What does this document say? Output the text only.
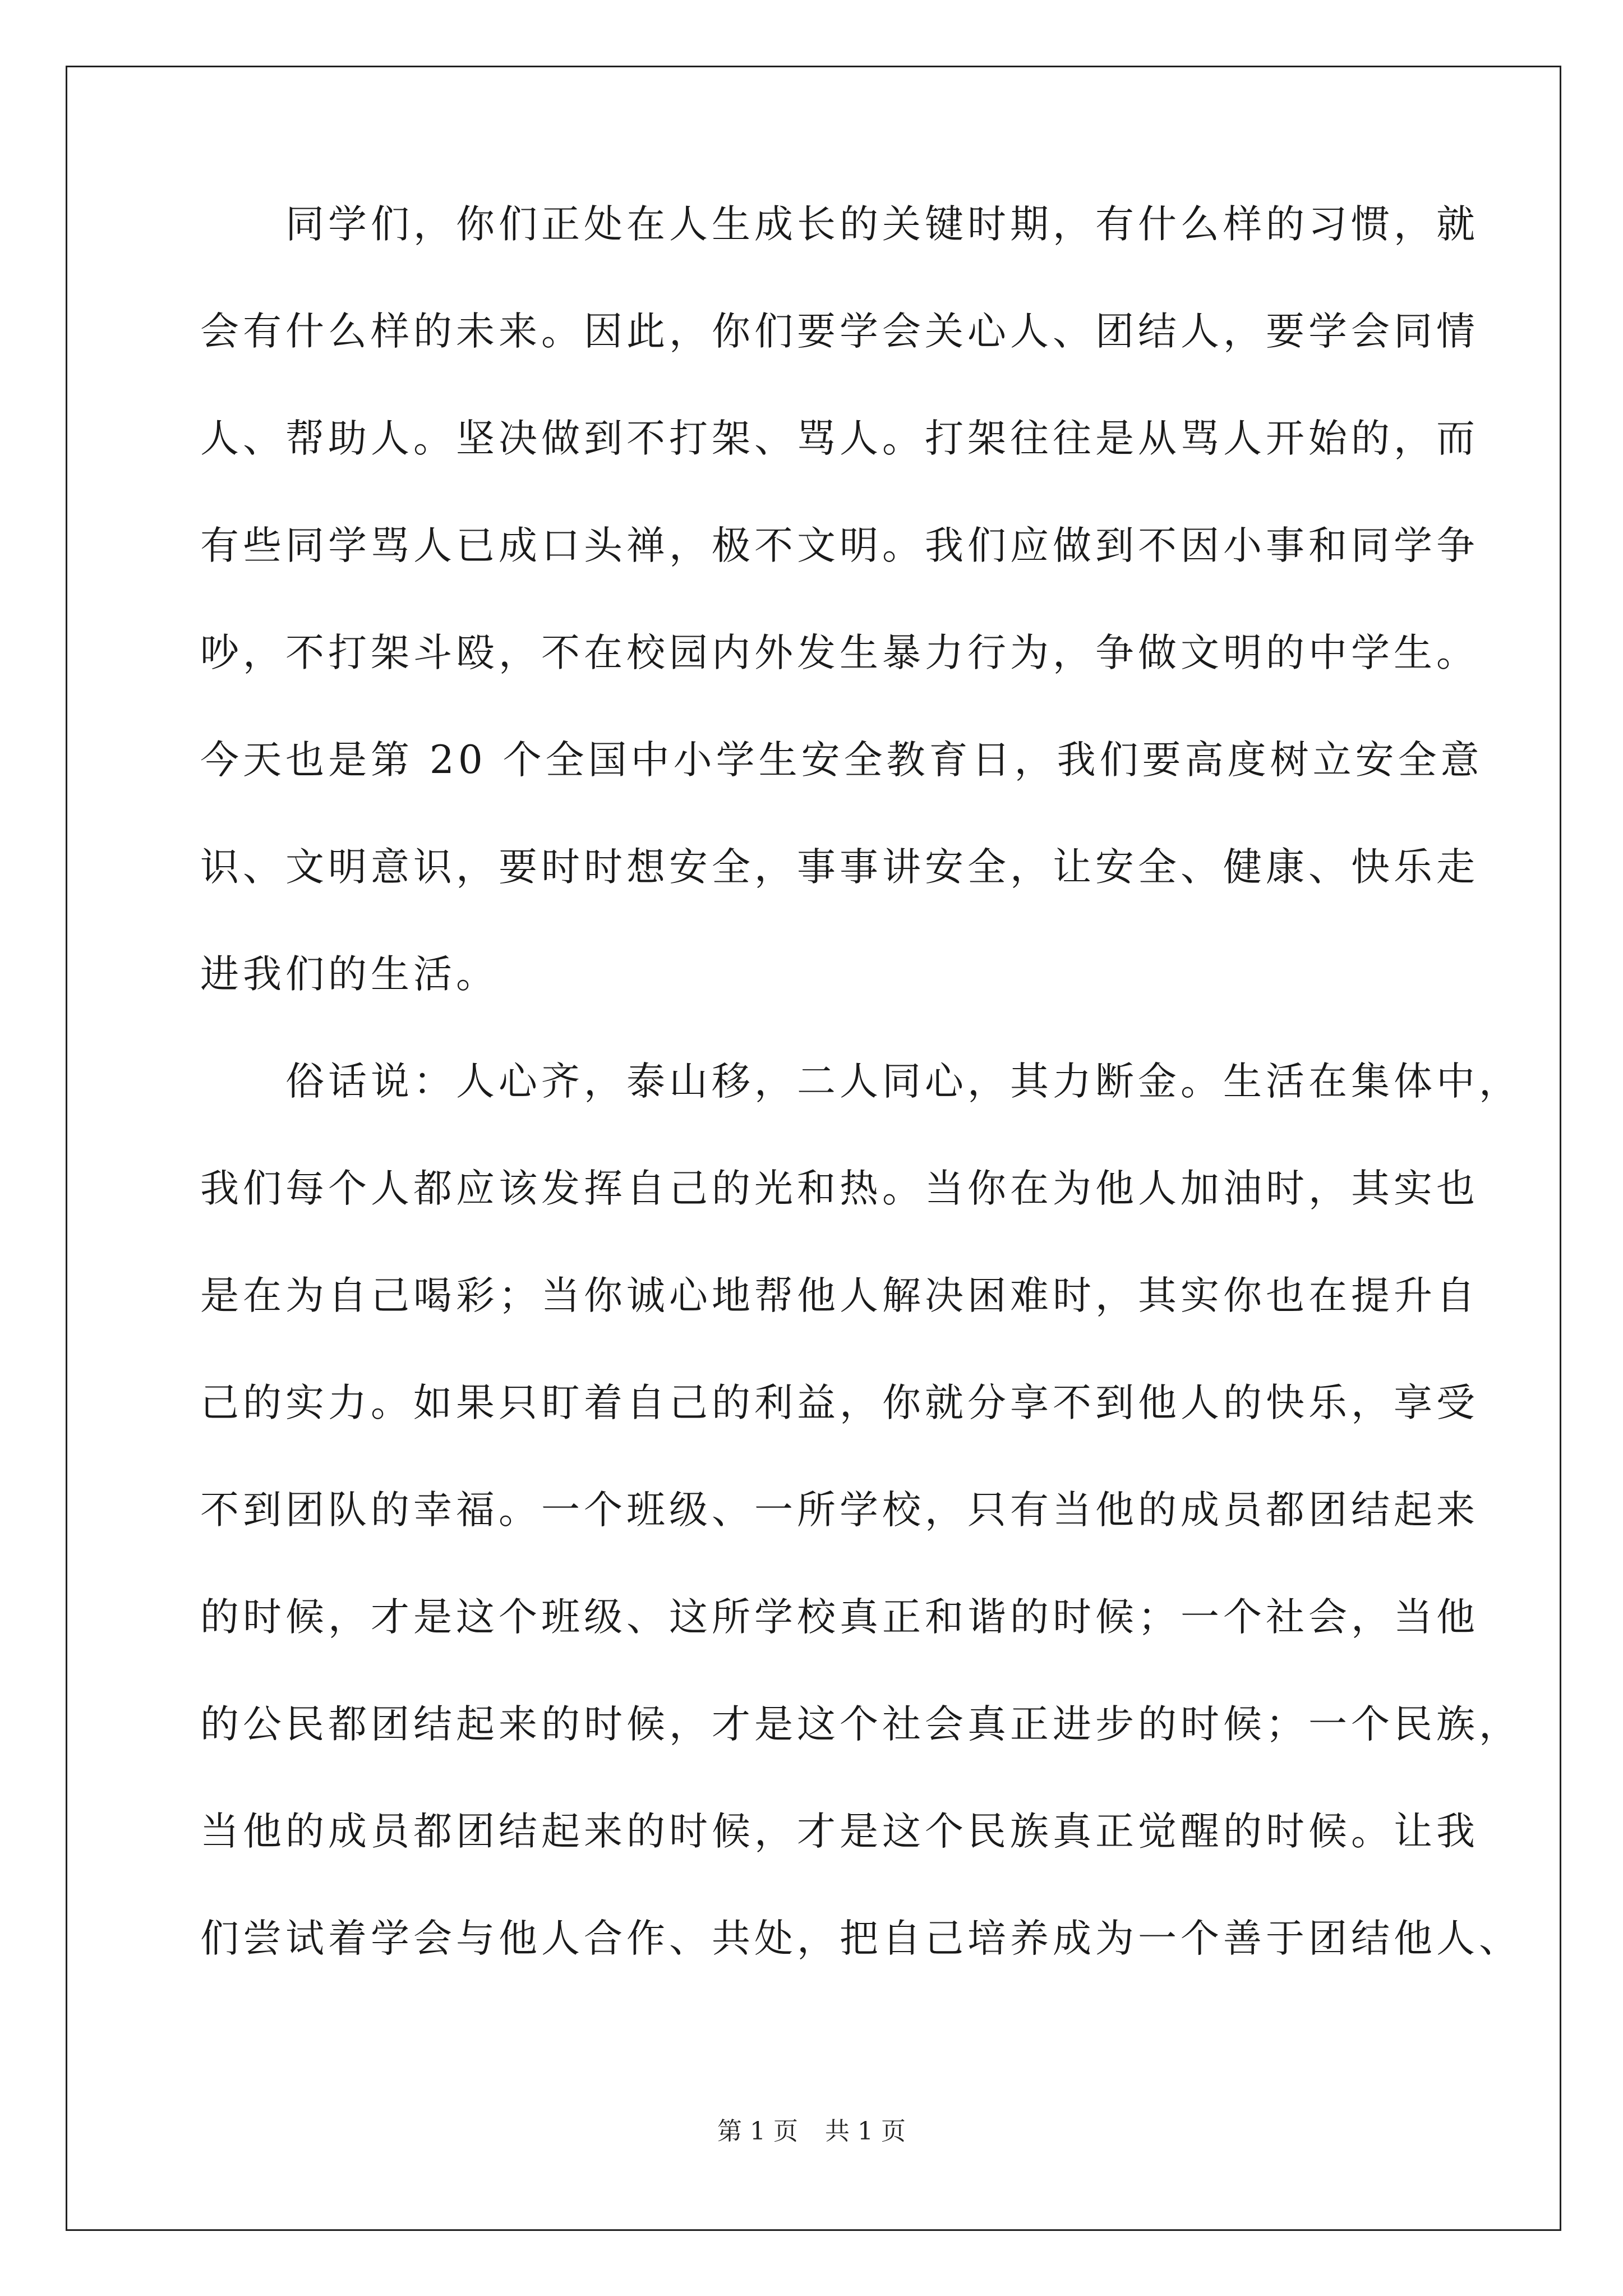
　　同学们，你们正处在人生成长的关键时期，有什么样的习惯，就
会有什么样的未来。因此，你们要学会关心人、团结人，要学会同情
人、帮助人。坚决做到不打架、骂人。打架往往是从骂人开始的，而
有些同学骂人已成口头禅，极不文明。我们应做到不因小事和同学争
吵，不打架斗殴，不在校园内外发生暴力行为，争做文明的中学生。
今天也是第 20 个全国中小学生安全教育日，我们要高度树立安全意
识、文明意识，要时时想安全，事事讲安全，让安全、健康、快乐走
进我们的生活。
　　俗话说：人心齐，泰山移，二人同心，其力断金。生活在集体中，
我们每个人都应该发挥自己的光和热。当你在为他人加油时，其实也
是在为自己喝彩；当你诚心地帮他人解决困难时，其实你也在提升自
己的实力。如果只盯着自己的利益，你就分享不到他人的快乐，享受
不到团队的幸福。一个班级、一所学校，只有当他的成员都团结起来
的时候，才是这个班级、这所学校真正和谐的时候；一个社会，当他
的公民都团结起来的时候，才是这个社会真正进步的时候；一个民族，
当他的成员都团结起来的时候，才是这个民族真正觉醒的时候。让我
们尝试着学会与他人合作、共处，把自己培养成为一个善于团结他人、
第 1 页 共 1 页
